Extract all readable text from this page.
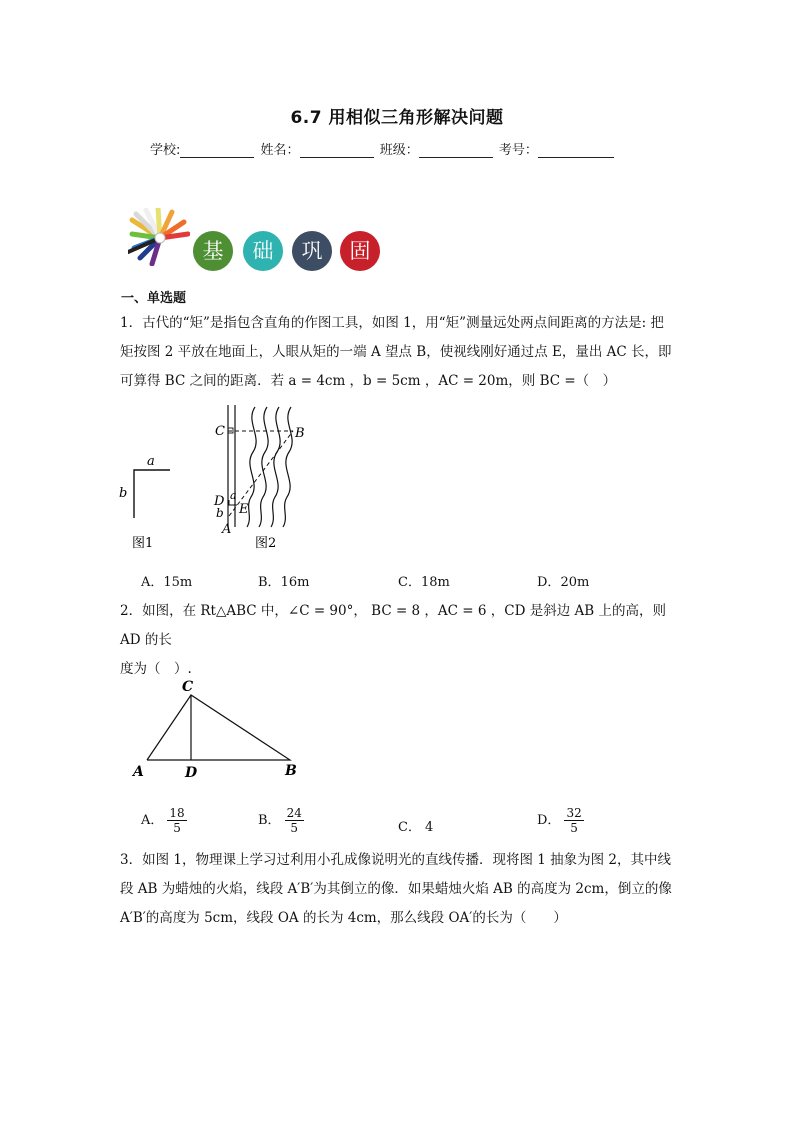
6.7 用相似三角形解决问题
学校:	姓名：	班级：	考号：
基	础	巩	固
一、单选题
1．古代的“矩”是指包含直角的作图工具，如图 1，用“矩”测量远处两点间距离的方法是: 把
矩按图 2 平放在地面上，人眼从矩的一端 A 望点 B，使视线刚好通过点 E，量出 AC 长，即
可算得 BC 之间的距离．若 a = 4cm ，b = 5cm ，AC = 20m，则 BC =（　）
a
b
图1
C	B
D a
E
b
A
图2
A．15m	B．16m	C．18m	D．20m
2．如图，在 Rt△ABC 中，∠C = 90°， BC = 8 ，AC = 6 ，CD 是斜边 AB 上的高，则 AD 的长
度为（　）.
C
A	D	B
A． $\frac{18}{5}$	B． $\frac{24}{5}$	C． 4	D． $\frac{32}{5}$
3．如图 1，物理课上学习过利用小孔成像说明光的直线传播．现将图 1 抽象为图 2，其中线
段 AB 为蜡烛的火焰，线段 A′B′为其倒立的像．如果蜡烛火焰 AB 的高度为 2cm，倒立的像
A′B′的高度为 5cm，线段 OA 的长为 4cm，那么线段 OA′的长为（　　）
